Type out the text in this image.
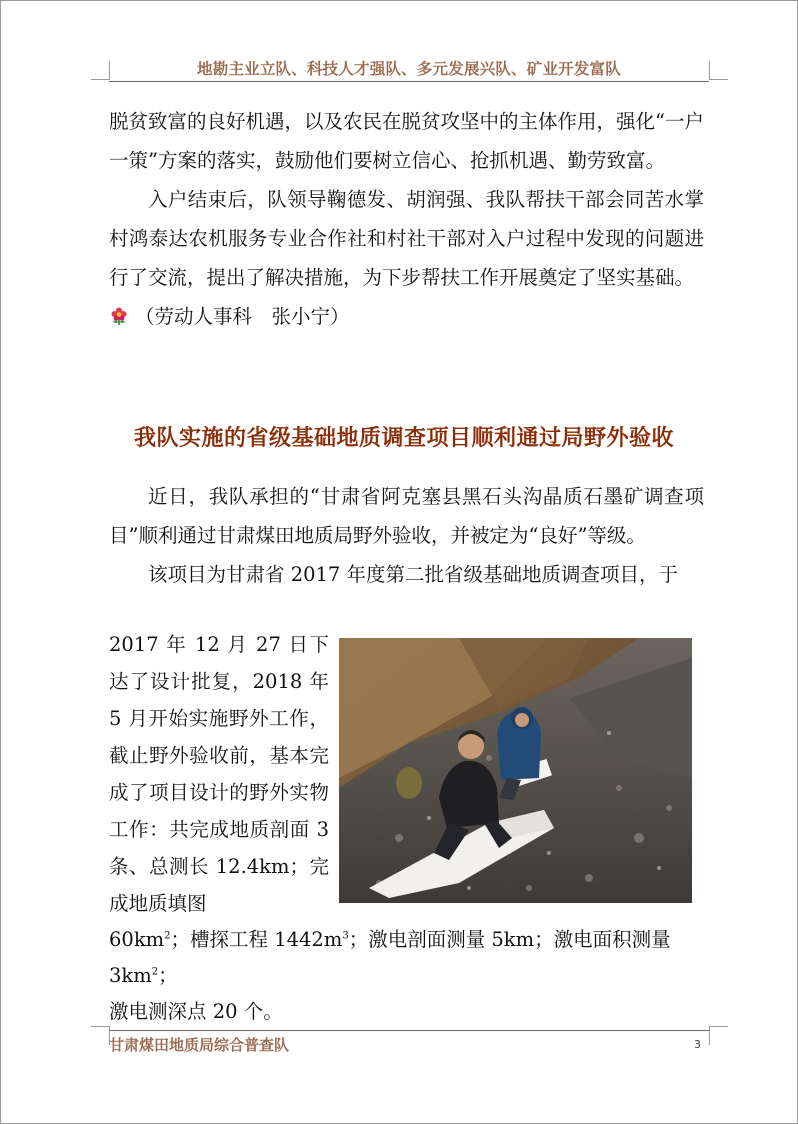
地勘主业立队、科技人才强队、多元发展兴队、矿业开发富队

脱贫致富的良好机遇，以及农民在脱贫攻坚中的主体作用，强化“一户一策”方案的落实，鼓励他们要树立信心、抢抓机遇、勤劳致富。

入户结束后，队领导鞠德发、胡润强、我队帮扶干部会同苦水掌村鸿泰达农机服务专业合作社和村社干部对入户过程中发现的问题进行了交流，提出了解决措施，为下步帮扶工作开展奠定了坚实基础。

（劳动人事科　张小宁）

我队实施的省级基础地质调查项目顺利通过局野外验收

近日，我队承担的“甘肃省阿克塞县黑石头沟晶质石墨矿调查项目”顺利通过甘肃煤田地质局野外验收，并被定为“良好”等级。

该项目为甘肃省 2017 年度第二批省级基础地质调查项目，于

2017 年 12 月 27 日下达了设计批复，2018 年 5 月开始实施野外工作，截止野外验收前，基本完成了项目设计的野外实物工作：共完成地质剖面 3 条、总测长 12.4km；完成地质填图

$60km^2$；槽探工程 $1442m^3$；激电剖面测量 5km；激电面积测量 $3km^2$；

激电测深点 20 个。

甘肃煤田地质局综合普查队	3
